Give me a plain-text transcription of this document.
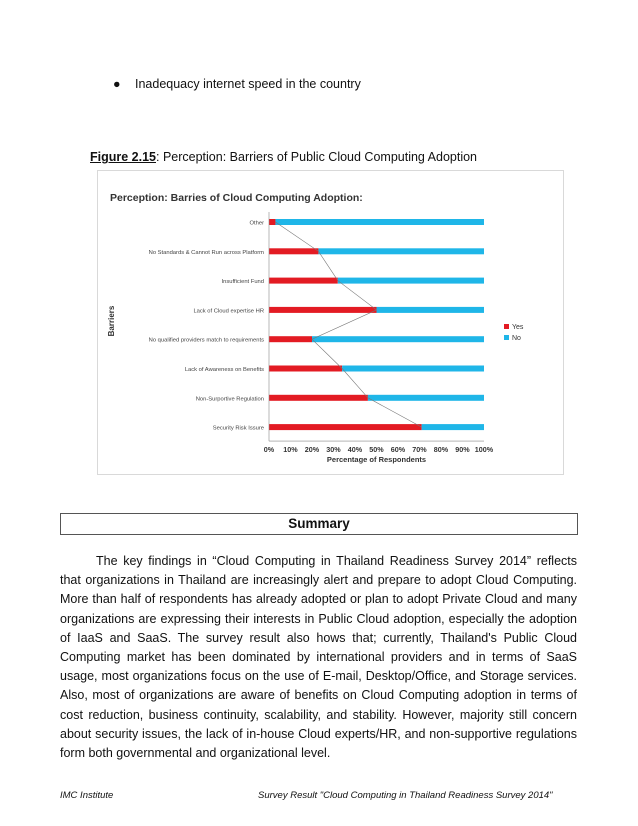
● Inadequacy internet speed in the country
Figure 2.15: Perception: Barriers of Public Cloud Computing Adoption
Perception: Barries of Cloud Computing Adoption:
Barriers
Other
No Standards & Cannot Run across Platform
Insufficient Fund
Lack of Cloud expertise HR
No qualified providers match to requirements
Lack of Awareness on Benefits
Non-Surportive Regulation
Security Risk Issure
0% 10% 20% 30% 40% 50% 60% 70% 80% 90% 100%
Percentage of Respondents
Yes
No
Summary

The key findings in “Cloud Computing in Thailand Readiness Survey 2014” reflects that organizations in Thailand are increasingly alert and prepare to adopt Cloud Computing. More than half of respondents has already adopted or plan to adopt Private Cloud and many organizations are expressing their interests in Public Cloud adoption, especially the adoption of IaaS and SaaS. The survey result also hows that; currently, Thailand's Public Cloud Computing market has been dominated by international providers and in terms of SaaS usage, most organizations focus on the use of E-mail, Desktop/Office, and Storage services. Also, most of organizations are aware of benefits on Cloud Computing adoption in terms of cost reduction, business continuity, scalability, and stability. However, majority still concern about security issues, the lack of in-house Cloud experts/HR, and non-supportive regulations form both governmental and organizational level.

IMC Institute	Survey Result "Cloud Computing in Thailand Readiness Survey 2014"
